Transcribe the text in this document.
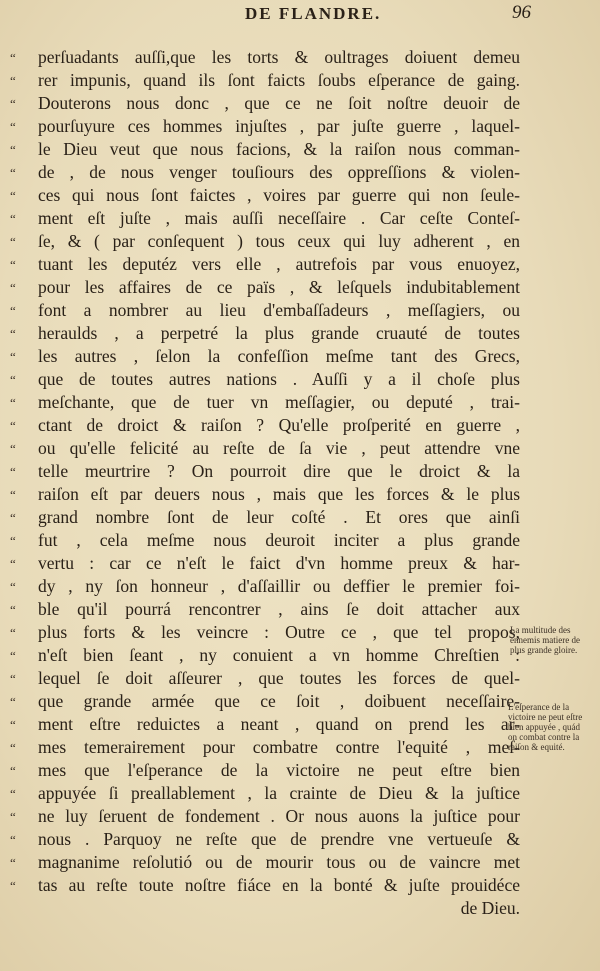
DE FLANDRE.	96
“	perſuadants auſſi,que les torts & oultrages doiuent demeu
“	rer impunis, quand ils ſont faicts ſoubs eſperance de gaing.
“	Douterons nous donc , que ce ne ſoit noſtre deuoir de
“	pourſuyure ces hommes injuſtes , par juſte guerre , laquel-
“	le Dieu veut que nous facions, & la raiſon nous comman-
“	de , de nous venger touſiours des oppreſſions & violen-
“	ces qui nous ſont faictes , voires par guerre qui non ſeule-
“	ment eſt juſte , mais auſſi neceſſaire . Car ceſte Conteſ-
“	ſe, & ( par conſequent ) tous ceux qui luy adherent , en
“	tuant les deputéz vers elle , autrefois par vous enuoyez,
“	pour les affaires de ce païs , & leſquels indubitablement
“	font a nombrer au lieu d'embaſſadeurs , meſſagiers, ou
“	heraulds , a perpetré la plus grande cruauté de toutes
“	les autres , ſelon la confeſſion meſme tant des Grecs,
“	que de toutes autres nations . Auſſi y a il choſe plus
“	meſchante, que de tuer vn meſſagier, ou deputé , trai-
“	ctant de droict & raiſon ? Qu'elle proſperité en guerre ,
“	ou qu'elle felicité au reſte de ſa vie , peut attendre vne
“	telle meurtrire ? On pourroit dire que le droict & la
“	raiſon eſt par deuers nous , mais que les forces & le plus
“	grand nombre ſont de leur coſté . Et ores que ainſi
“	fut , cela meſme nous deuroit inciter a plus grande
“	vertu : car ce n'eſt le faict d'vn homme preux & har-
“	dy , ny ſon honneur , d'aſſaillir ou deffier le premier foi-
“	ble qu'il pourrá rencontrer , ains ſe doit attacher aux
“	plus forts & les veincre : Outre ce , que tel propos,
“	n'eſt bien ſeant , ny conuient a vn homme Chreſtien :
“	lequel ſe doit aſſeurer , que toutes les forces de quel-
“	que grande armée que ce ſoit , doibuent neceſſaire-
“	ment eſtre reduictes a neant , quand on prend les ar-
“	mes temerairement pour combatre contre l'equité , meſ-
“	mes que l'eſperance de la victoire ne peut eſtre bien
“	appuyée ſi preallablement , la crainte de Dieu & la juſtice
“	ne luy ſeruent de fondement . Or nous auons la juſtice pour
“	nous . Parquoy ne reſte que de prendre vne vertueuſe &
“	magnanime reſolutió ou de mourir tous ou de vaincre met
“	tas au reſte toute noſtre fiáce en la bonté & juſte prouidéce
de Dieu.
La multitude des ennemis matiere de plus grande gloire.
L'eſperance de la victoire ne peut eſtre bien appuyée , quád on combat contre la raiſon & equité.
